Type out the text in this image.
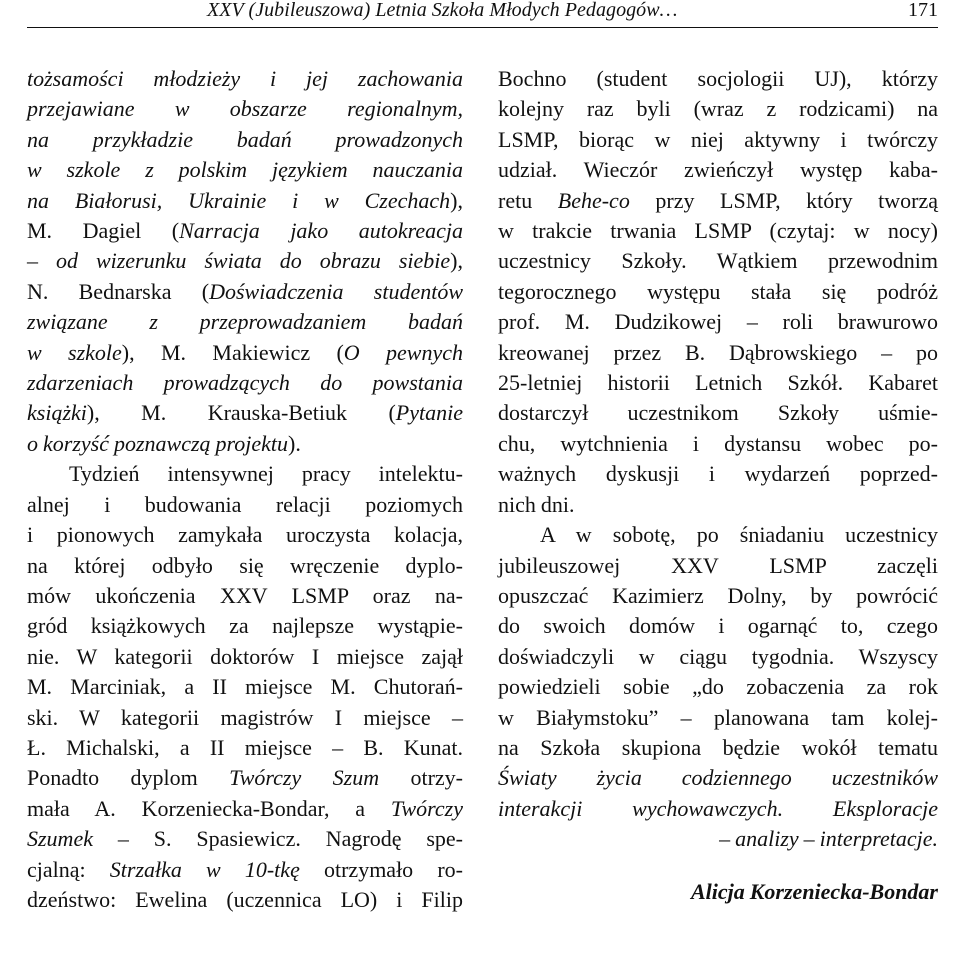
XXV (Jubileuszowa) Letnia Szkoła Młodych Pedagogów…	171
tożsamości młodzieży i jej zachowania
przejawiane w obszarze regionalnym,
na przykładzie badań prowadzonych
w szkole z polskim językiem nauczania
na Białorusi, Ukrainie i w Czechach),
M. Dagiel (Narracja jako autokreacja
– od wizerunku świata do obrazu siebie),
N. Bednarska (Doświadczenia studentów
związane z przeprowadzaniem badań
w szkole), M. Makiewicz (O pewnych
zdarzeniach prowadzących do powstania
książki), M. Krauska-Betiuk (Pytanie
o korzyść poznawczą projektu).
Tydzień intensywnej pracy intelektu-
alnej i budowania relacji poziomych
i pionowych zamykała uroczysta kolacja,
na której odbyło się wręczenie dyplo-
mów ukończenia XXV LSMP oraz na-
gród książkowych za najlepsze wystąpie-
nie. W kategorii doktorów I miejsce zajął
M. Marciniak, a II miejsce M. Chutorań-
ski. W kategorii magistrów I miejsce –
Ł. Michalski, a II miejsce – B. Kunat.
Ponadto dyplom Twórczy Szum otrzy-
mała A. Korzeniecka-Bondar, a Twórczy
Szumek – S. Spasiewicz. Nagrodę spe-
cjalną: Strzałka w 10-tkę otrzymało ro-
dzeństwo: Ewelina (uczennica LO) i Filip
Bochno (student socjologii UJ), którzy
kolejny raz byli (wraz z rodzicami) na
LSMP, biorąc w niej aktywny i twórczy
udział. Wieczór zwieńczył występ kaba-
retu Behe-co przy LSMP, który tworzą
w trakcie trwania LSMP (czytaj: w nocy)
uczestnicy Szkoły. Wątkiem przewodnim
tegorocznego występu stała się podróż
prof. M. Dudzikowej – roli brawurowo
kreowanej przez B. Dąbrowskiego – po
25-letniej historii Letnich Szkół. Kabaret
dostarczył uczestnikom Szkoły uśmie-
chu, wytchnienia i dystansu wobec po-
ważnych dyskusji i wydarzeń poprzed-
nich dni.
A w sobotę, po śniadaniu uczestnicy
jubileuszowej XXV LSMP zaczęli
opuszczać Kazimierz Dolny, by powrócić
do swoich domów i ogarnąć to, czego
doświadczyli w ciągu tygodnia. Wszyscy
powiedzieli sobie „do zobaczenia za rok
w Białymstoku” – planowana tam kolej-
na Szkoła skupiona będzie wokół tematu
Światy życia codziennego uczestników
interakcji wychowawczych. Eksploracje
– analizy – interpretacje.
Alicja Korzeniecka-Bondar
